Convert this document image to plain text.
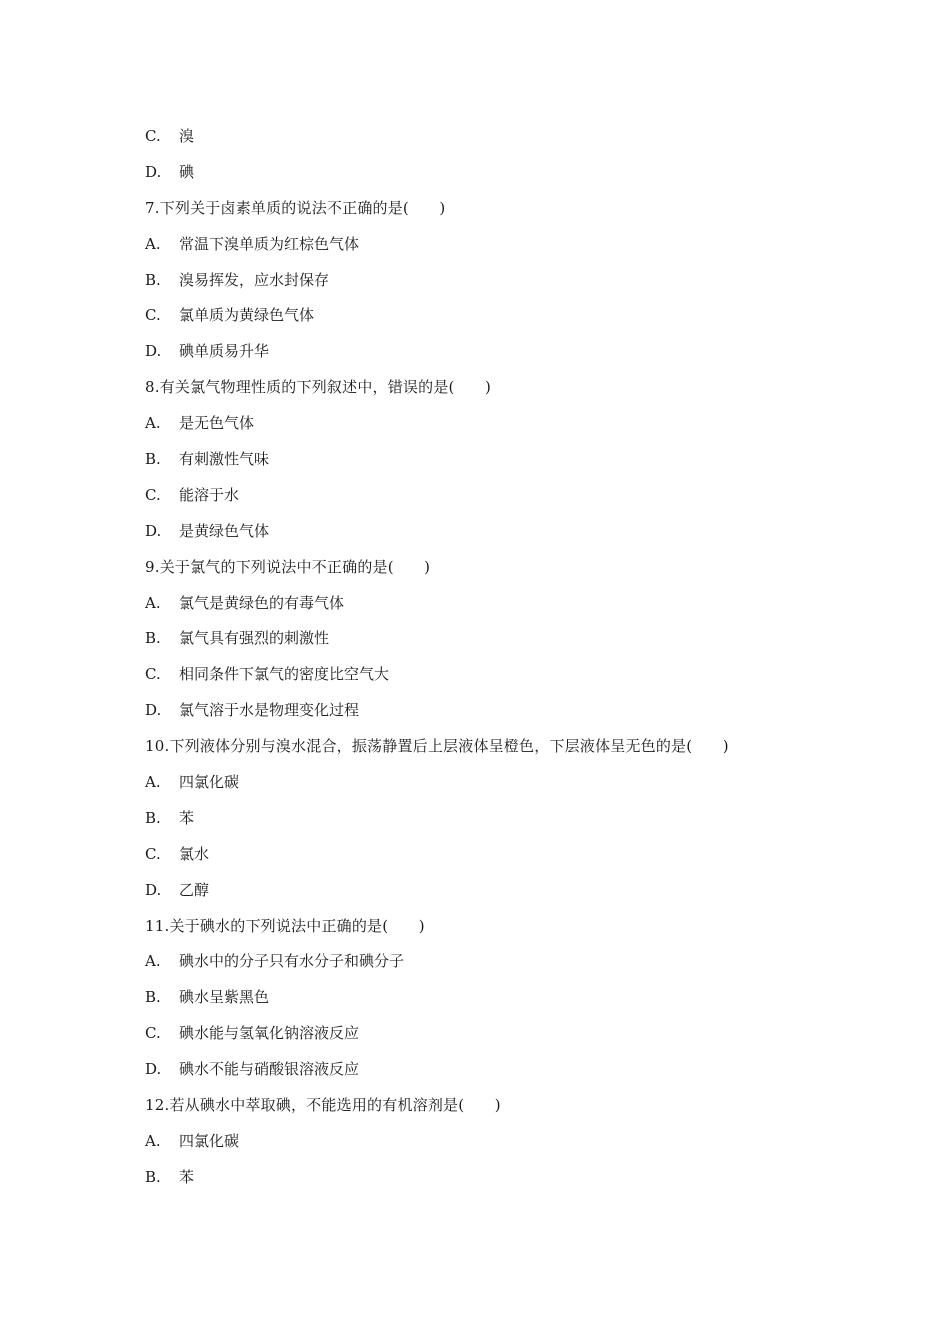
C. 溴
D. 碘
7.下列关于卤素单质的说法不正确的是(　　)
A. 常温下溴单质为红棕色气体
B. 溴易挥发，应水封保存
C. 氯单质为黄绿色气体
D. 碘单质易升华
8.有关氯气物理性质的下列叙述中，错误的是(　　)
A. 是无色气体
B. 有刺激性气味
C. 能溶于水
D. 是黄绿色气体
9.关于氯气的下列说法中不正确的是(　　)
A. 氯气是黄绿色的有毒气体
B. 氯气具有强烈的刺激性
C. 相同条件下氯气的密度比空气大
D. 氯气溶于水是物理变化过程
10.下列液体分别与溴水混合，振荡静置后上层液体呈橙色，下层液体呈无色的是(　　)
A. 四氯化碳
B. 苯
C. 氯水
D. 乙醇
11.关于碘水的下列说法中正确的是(　　)
A. 碘水中的分子只有水分子和碘分子
B. 碘水呈紫黑色
C. 碘水能与氢氧化钠溶液反应
D. 碘水不能与硝酸银溶液反应
12.若从碘水中萃取碘，不能选用的有机溶剂是(　　)
A. 四氯化碳
B. 苯
